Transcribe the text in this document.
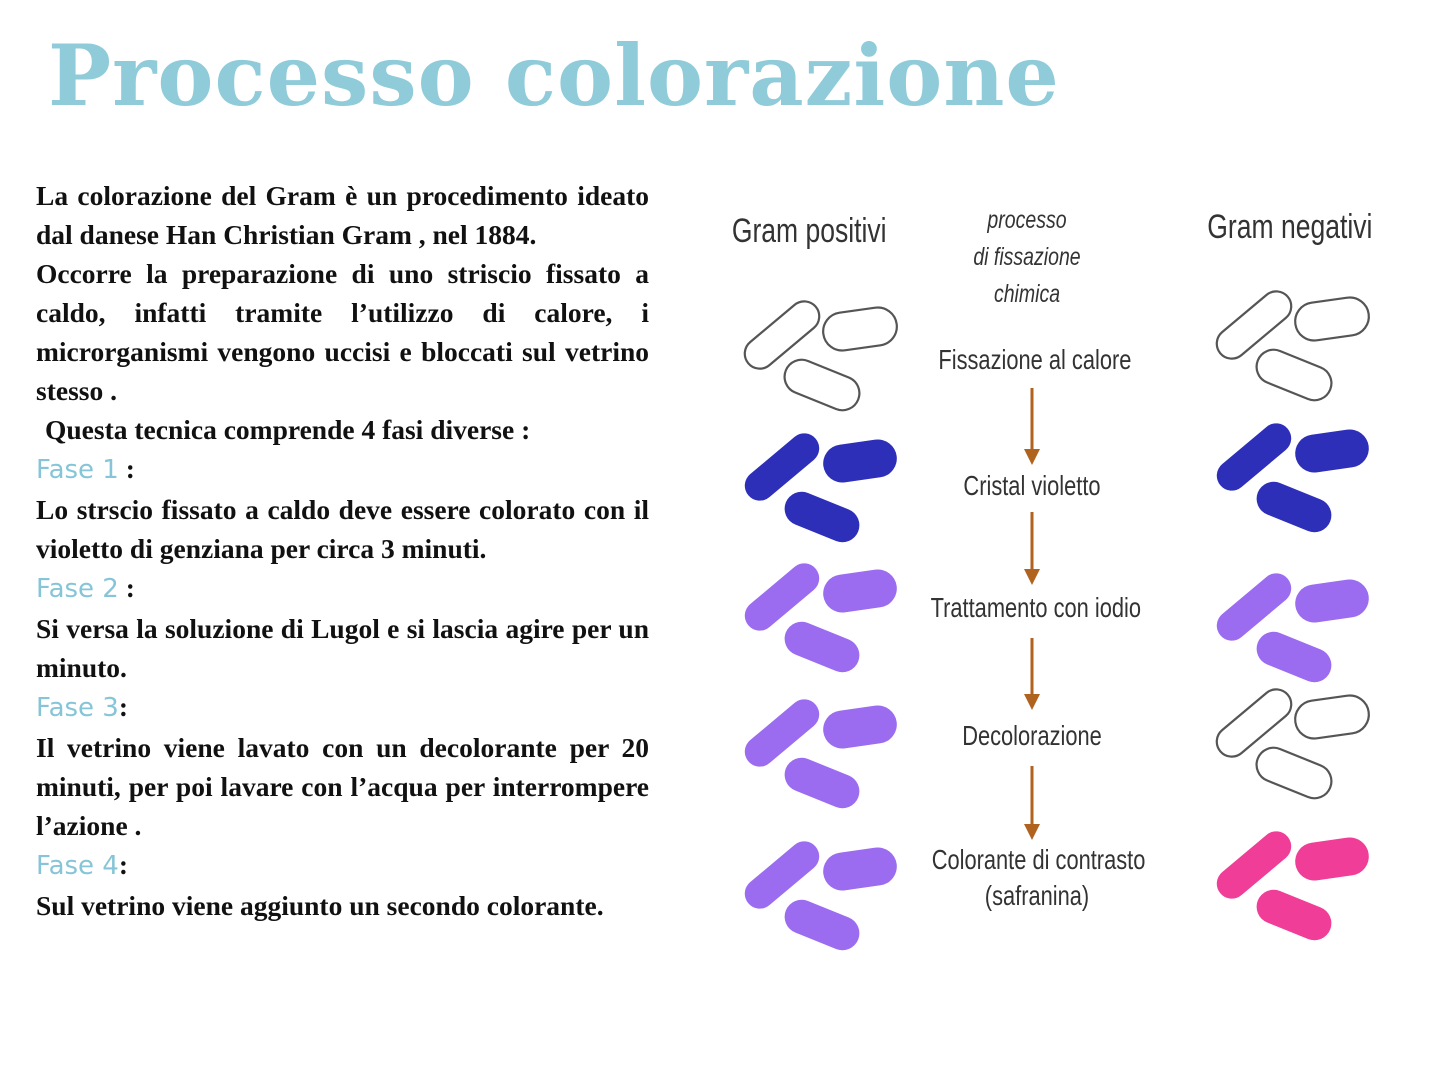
Processo colorazione

La colorazione del Gram è un procedimento ideato dal danese Han Christian Gram , nel 1884.

Occorre la preparazione di uno striscio fissato a caldo, infatti tramite l’utilizzo di calore, i microrganismi vengono uccisi e bloccati sul vetrino stesso .

Questa tecnica comprende 4 fasi diverse :

Fase 1 :

Lo strscio fissato a caldo deve essere colorato con il violetto di genziana per circa 3 minuti.

Fase 2 :

Si versa la soluzione di Lugol e si lascia agire per un minuto.

Fase 3:

Il vetrino viene lavato con un decolorante per 20 minuti, per poi lavare con l’acqua per interrompere l’azione .

Fase 4:

Sul vetrino viene aggiunto un secondo colorante.

Gram positivi	Gram negativi
processo
di fissazione
chimica
Fissazione al calore
Cristal violetto
Trattamento con iodio
Decolorazione
Colorante di contrasto
(safranina)
